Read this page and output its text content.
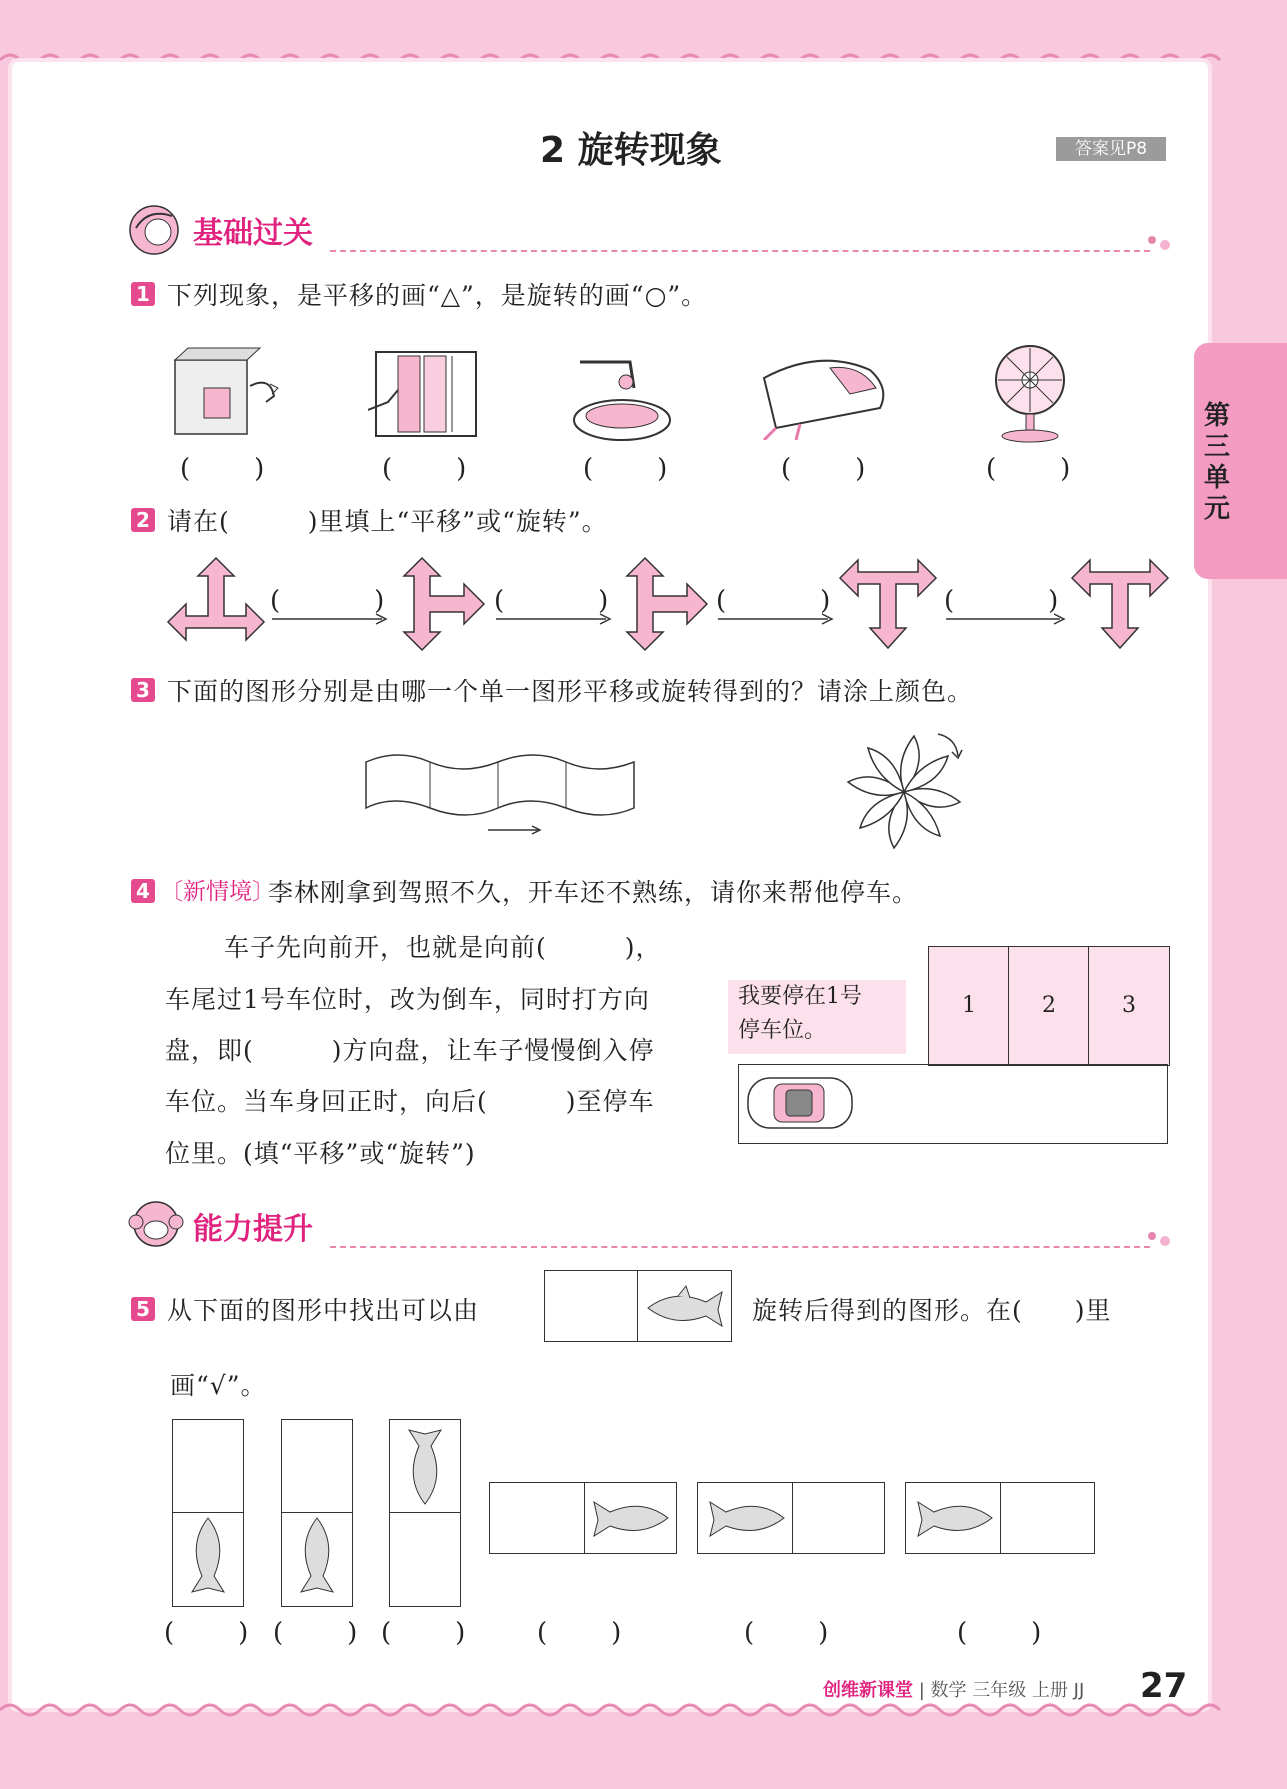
2 旋转现象	答案见P8
第三单元
基础过关
1 下列现象，是平移的画“△”，是旋转的画“○”。
(　　)	(　　)	(　　)	(　　)	(　　)
2 请在(　　　)里填上“平移”或“旋转”。
(　　　)	(　　　)	(　　　)	(　　　)
3 下面的图形分别是由哪一个单一图形平移或旋转得到的？请涂上颜色。
4 〔新情境〕
李林刚拿到驾照不久，开车还不熟练，请你来帮他停车。
车子先向前开，也就是向前(　　　)，
车尾过1号车位时，改为倒车，同时打方向
盘，即(　　　)方向盘，让车子慢慢倒入停
车位。当车身回正时，向后(　　　)至停车
位里。(填“平移”或“旋转”)
我要停在1号
停车位。
1	2	3
能力提升
5 从下面的图形中找出可以由	旋转后得到的图形。在(　　)里
画“√”。
(　　) (　　) (　　)	(　　)	(　　)	(　　)
创维新课堂 | 数学 三年级 上册 JJ 27
